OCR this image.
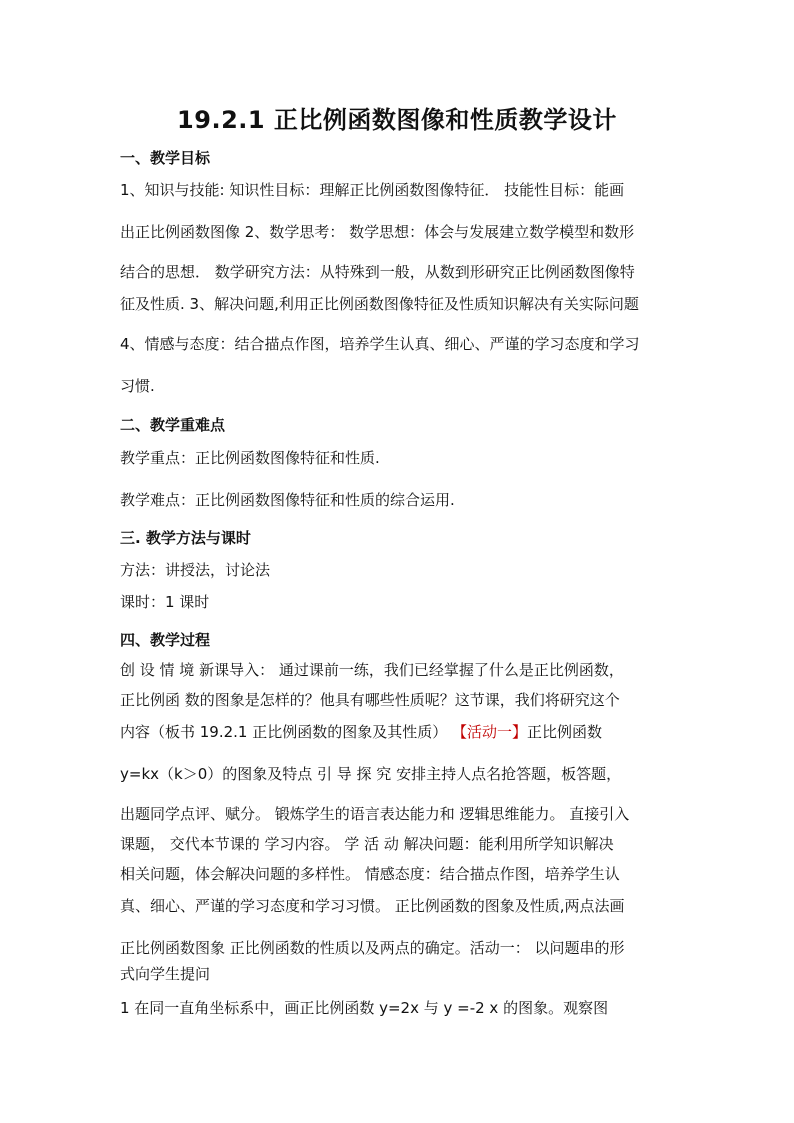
19.2.1 正比例函数图像和性质教学设计
一、教学目标
1、知识与技能: 知识性目标：理解正比例函数图像特征． 技能性目标：能画
出正比例函数图像 2、数学思考： 数学思想：体会与发展建立数学模型和数形
结合的思想． 数学研究方法：从特殊到一般，从数到形研究正比例函数图像特
征及性质. 3、解决问题,利用正比例函数图像特征及性质知识解决有关实际问题
4、情感与态度：结合描点作图，培养学生认真、细心、严谨的学习态度和学习
习惯.
二、教学重难点
教学重点：正比例函数图像特征和性质.
教学难点：正比例函数图像特征和性质的综合运用.
三. 教学方法与课时
方法：讲授法，讨论法
课时：1 课时
四、教学过程
创 设 情 境 新课导入： 通过课前一练，我们已经掌握了什么是正比例函数，
正比例函 数的图象是怎样的？他具有哪些性质呢？这节课，我们将研究这个
内容（板书 19.2.1 正比例函数的图象及其性质） 【活动一】正比例函数
y=kx（k＞0）的图象及特点 引 导 探 究 安排主持人点名抢答题，板答题，
出题同学点评、赋分。 锻炼学生的语言表达能力和 逻辑思维能力。 直接引入
课题， 交代本节课的 学习内容。 学 活 动 解决问题：能利用所学知识解决
相关问题，体会解决问题的多样性。 情感态度：结合描点作图，培养学生认
真、细心、严谨的学习态度和学习习惯。 正比例函数的图象及性质,两点法画
正比例函数图象 正比例函数的性质以及两点的确定。活动一： 以问题串的形
式向学生提问
1 在同一直角坐标系中，画正比例函数 y=2x 与 y =-2 x 的图象。观察图
